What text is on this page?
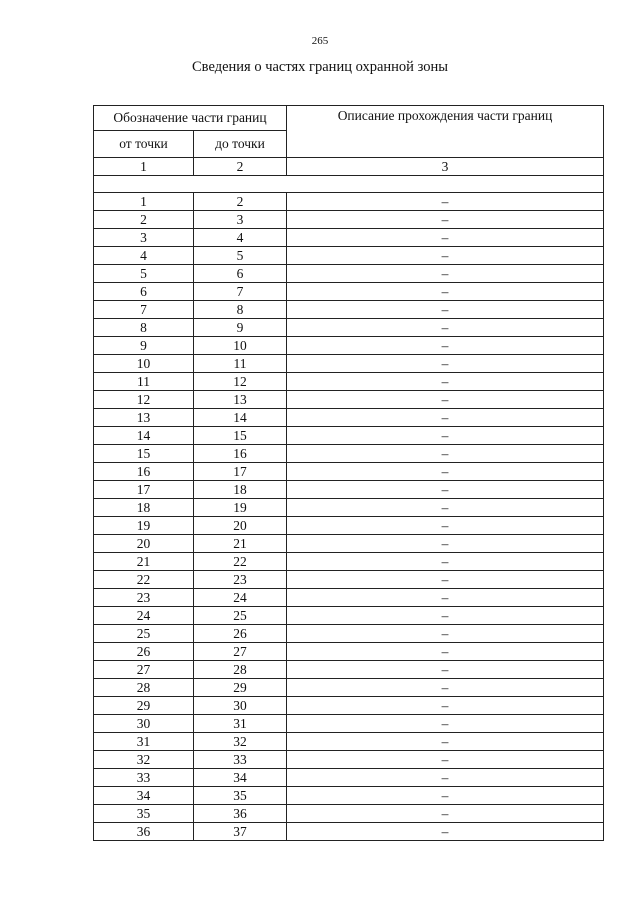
265
Сведения о частях границ охранной зоны
Обозначение части границ		Описание прохождения части границ
от точки	до точки	
1	2	3

1	2	–
2	3	–
3	4	–
4	5	–
5	6	–
6	7	–
7	8	–
8	9	–
9	10	–
10	11	–
11	12	–
12	13	–
13	14	–
14	15	–
15	16	–
16	17	–
17	18	–
18	19	–
19	20	–
20	21	–
21	22	–
22	23	–
23	24	–
24	25	–
25	26	–
26	27	–
27	28	–
28	29	–
29	30	–
30	31	–
31	32	–
32	33	–
33	34	–
34	35	–
35	36	–
36	37	–
